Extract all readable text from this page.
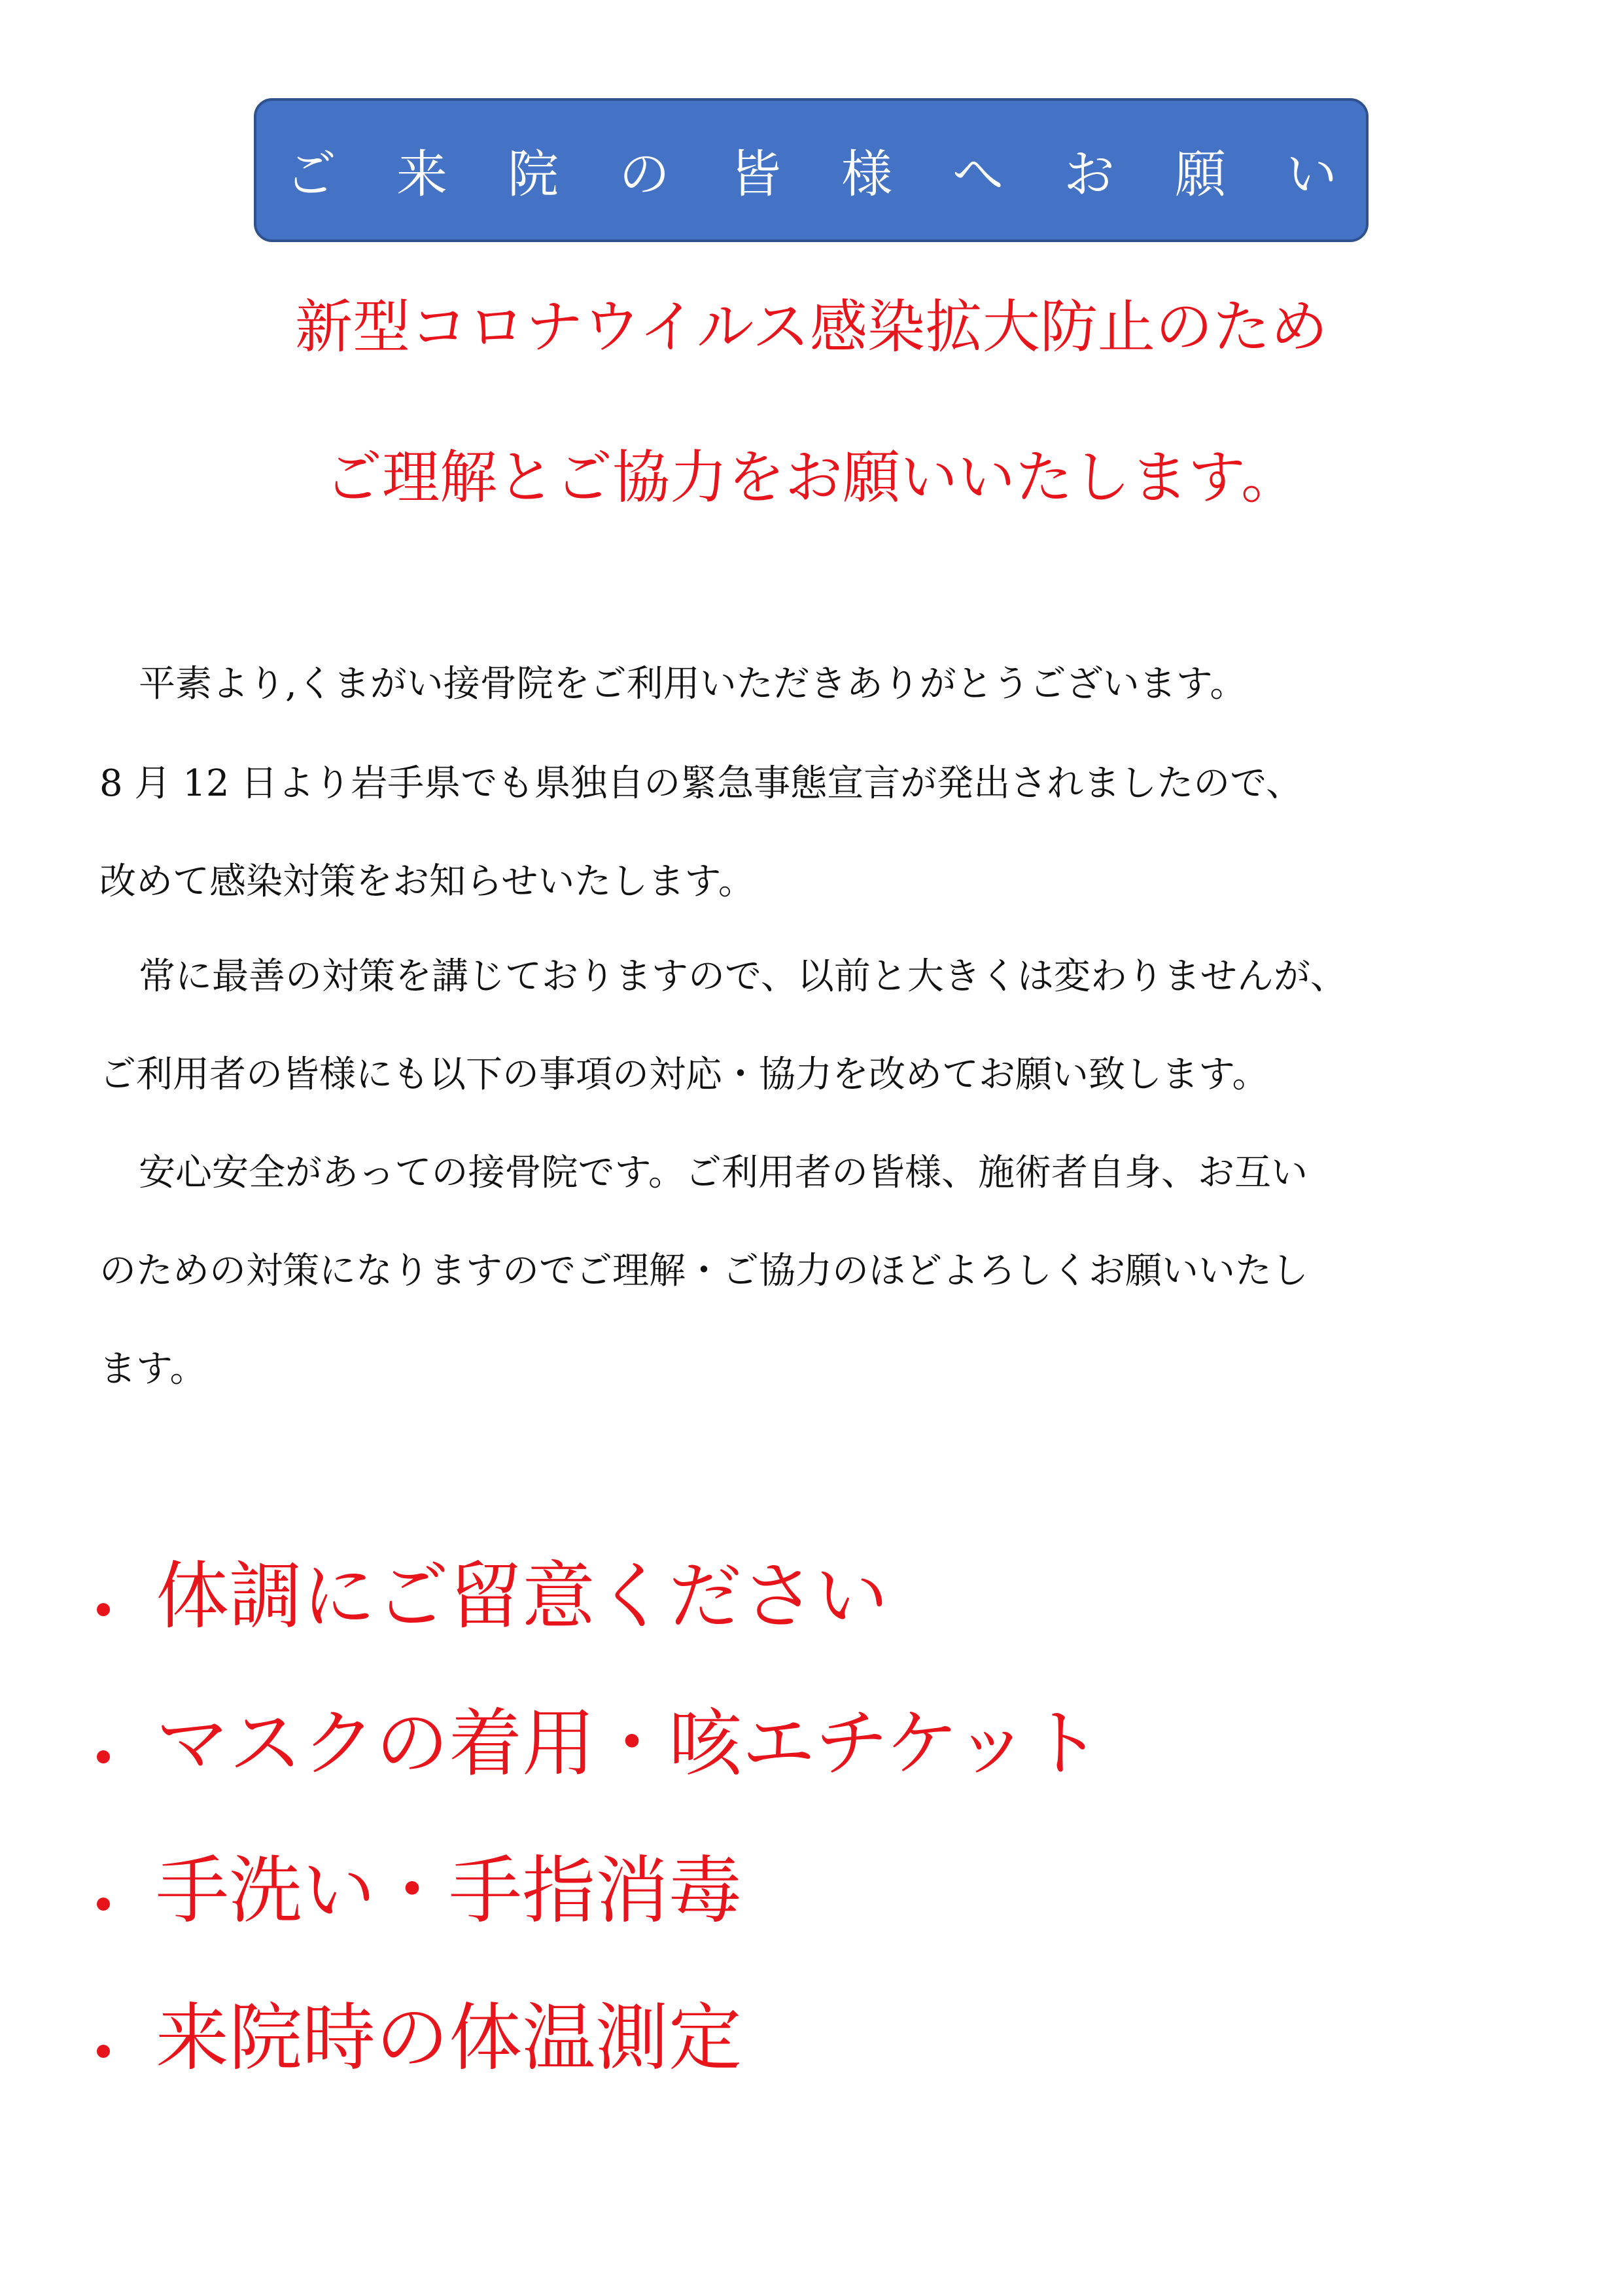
ご来院の皆様へお願い
新型コロナウイルス感染拡大防止のため
ご理解とご協力をお願いいたします。
平素より,くまがい接骨院をご利用いただきありがとうございます。
8 月 12 日より岩手県でも県独自の緊急事態宣言が発出されましたので、
改めて感染対策をお知らせいたします。
常に最善の対策を講じておりますので、以前と大きくは変わりませんが、
ご利用者の皆様にも以下の事項の対応・協力を改めてお願い致します。
安心安全があっての接骨院です。ご利用者の皆様、施術者自身、お互い
のための対策になりますのでご理解・ご協力のほどよろしくお願いいたし
ます。
体調にご留意ください
マスクの着用・咳エチケット
手洗い・手指消毒
来院時の体温測定
